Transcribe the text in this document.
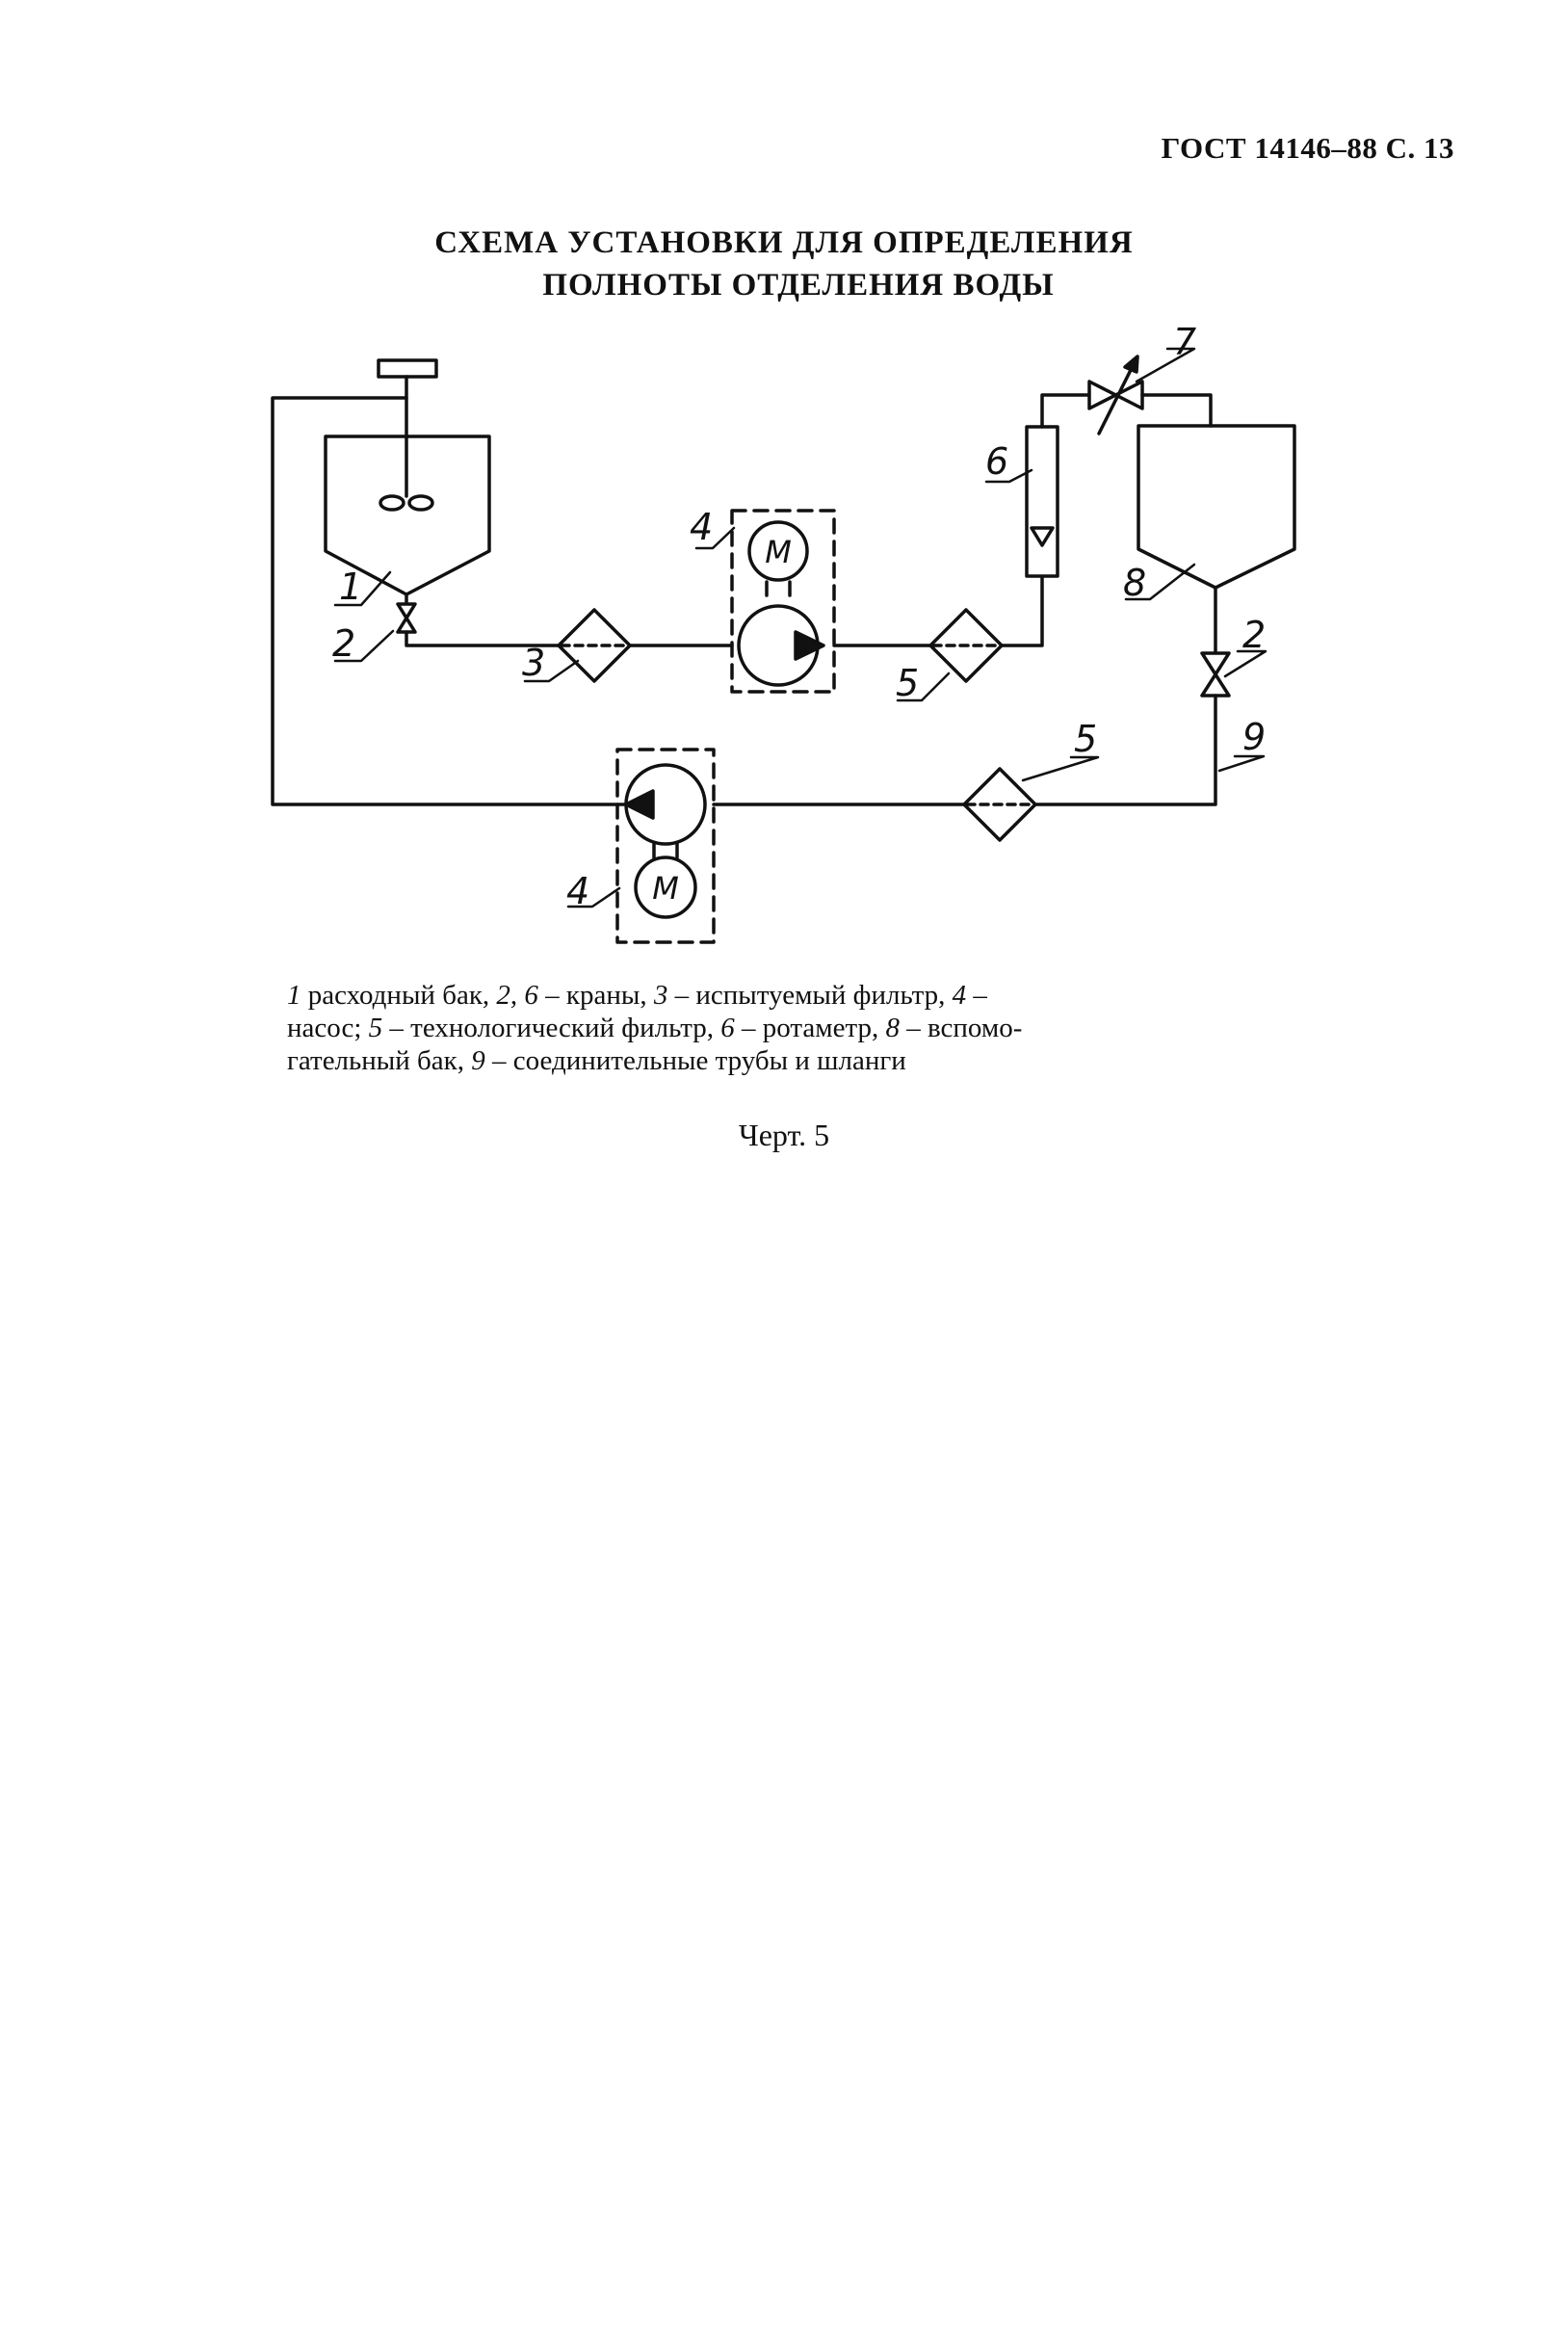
ГОСТ 14146–88 С. 13
СХЕМА УСТАНОВКИ ДЛЯ ОПРЕДЕЛЕНИЯ
ПОЛНОТЫ ОТДЕЛЕНИЯ ВОДЫ
1
2	3
4
5
6
7
8
2
5	9
4
М
М

1 расходный бак, 2, 6 – краны, 3 – испытуемый фильтр, 4 –

насос; 5 – технологический фильтр, 6 – ротаметр, 8 – вспомо-

гательный бак, 9 – соединительные трубы и шланги

Черт. 5
